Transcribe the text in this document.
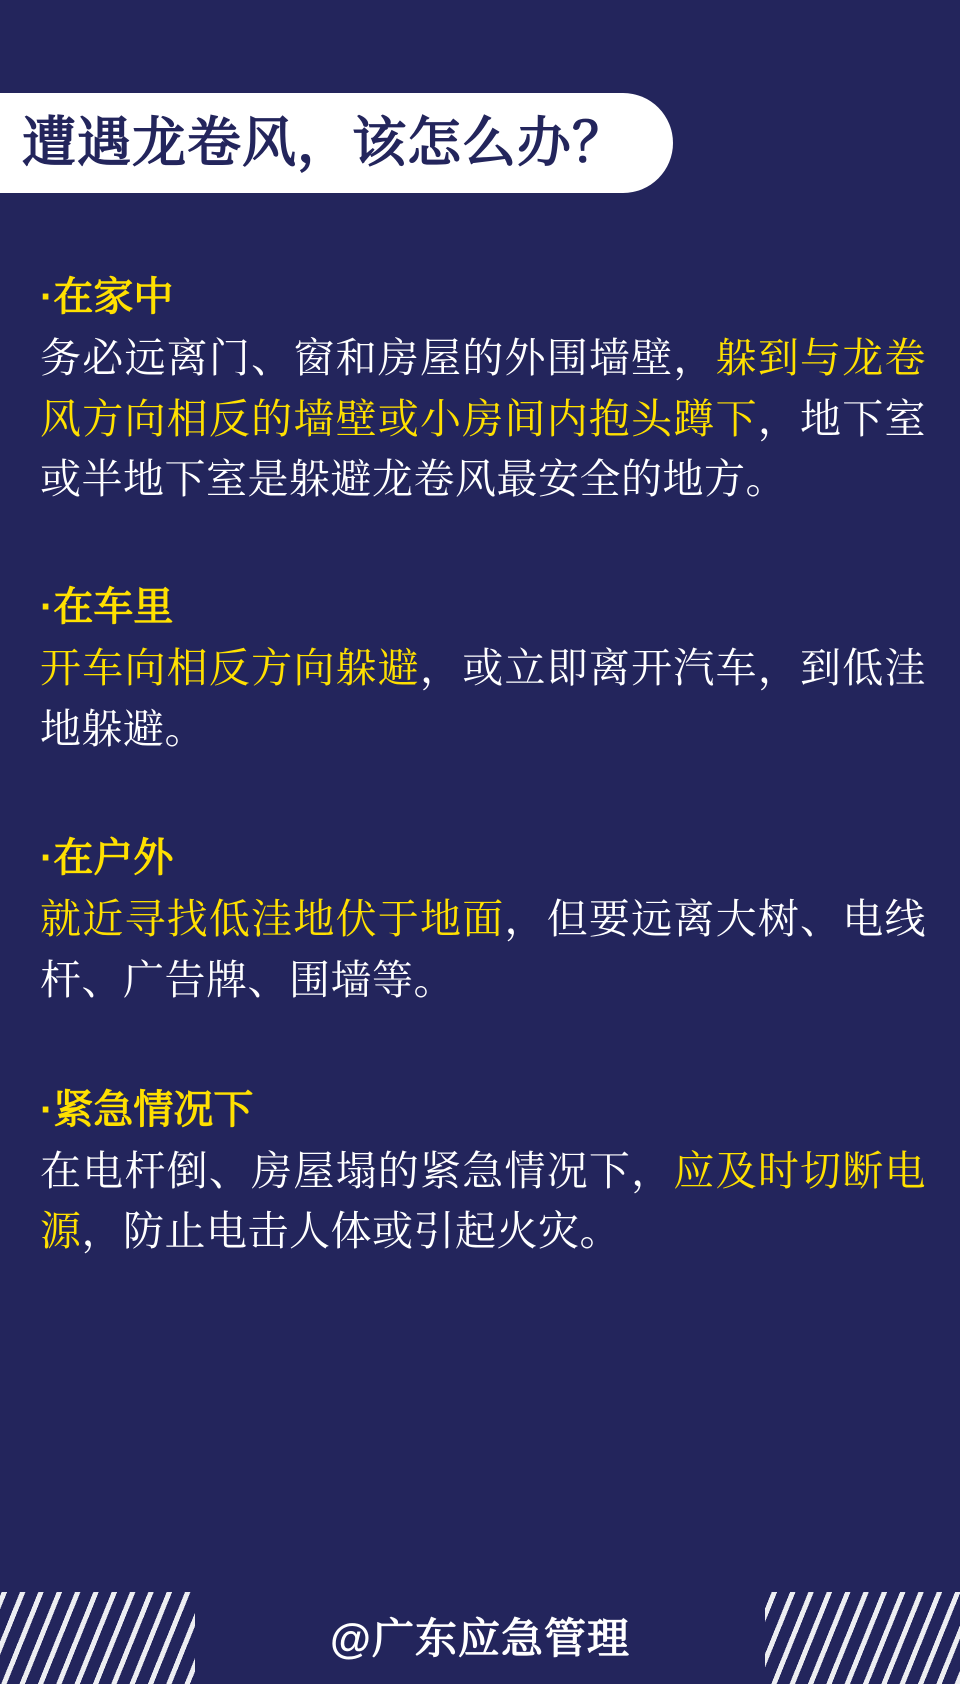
遭遇龙卷风，该怎么办？
·在家中
务必远离门、窗和房屋的外围墙壁，躲到与龙卷风方向相反的墙壁或小房间内抱头蹲下，地下室或半地下室是躲避龙卷风最安全的地方。
·在车里
开车向相反方向躲避，或立即离开汽车，到低洼地躲避。
·在户外
就近寻找低洼地伏于地面，但要远离大树、电线杆、广告牌、围墙等。
·紧急情况下
在电杆倒、房屋塌的紧急情况下，应及时切断电源，防止电击人体或引起火灾。
@广东应急管理
